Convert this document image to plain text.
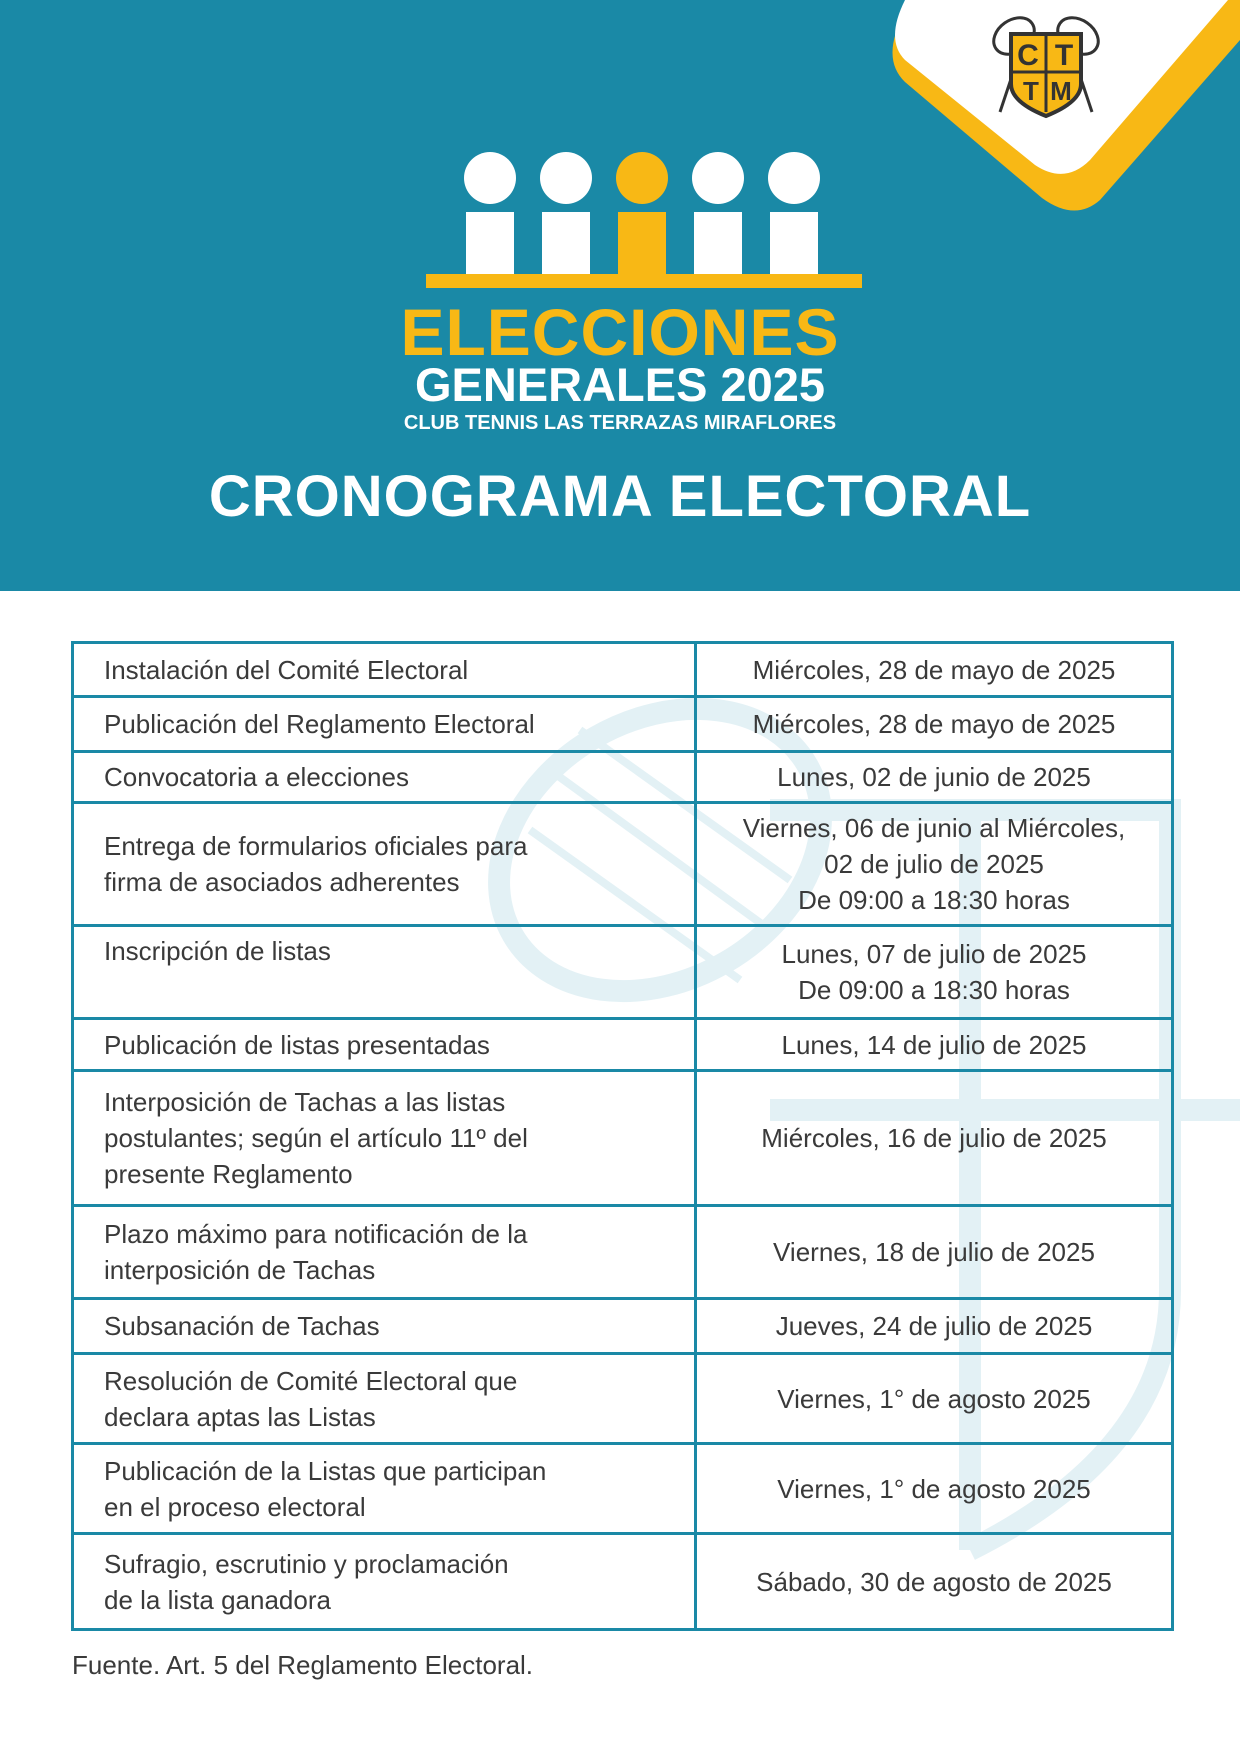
C T
T M
ELECCIONES
GENERALES 2025
CLUB TENNIS LAS TERRAZAS MIRAFLORES
CRONOGRAMA ELECTORAL
Instalación del Comité Electoral	Miércoles, 28 de mayo de 2025

Publicación del Reglamento Electoral	Miércoles, 28 de mayo de 2025

Convocatoria a elecciones	Lunes, 02 de junio de 2025

Entrega de formularios oficiales para
firma de asociados adherentes	Viernes, 06 de junio al Miércoles,
02 de julio de 2025
De 09:00 a 18:30 horas

Inscripción de listas	Lunes, 07 de julio de 2025
De 09:00 a 18:30 horas

Publicación de listas presentadas	Lunes, 14 de julio de 2025

Interposición de Tachas a las listas
postulantes; según el artículo 11º del
presente Reglamento	Miércoles, 16 de julio de 2025

Plazo máximo para notificación de la
interposición de Tachas	Viernes, 18 de julio de 2025

Subsanación de Tachas	Jueves, 24 de julio de 2025

Resolución de Comité Electoral que
declara aptas las Listas	Viernes, 1° de agosto 2025

Publicación de la Listas que participan
en el proceso electoral	Viernes, 1° de agosto 2025

Sufragio, escrutinio y proclamación
de la lista ganadora	Sábado, 30 de agosto de 2025
Fuente. Art. 5 del Reglamento Electoral.
